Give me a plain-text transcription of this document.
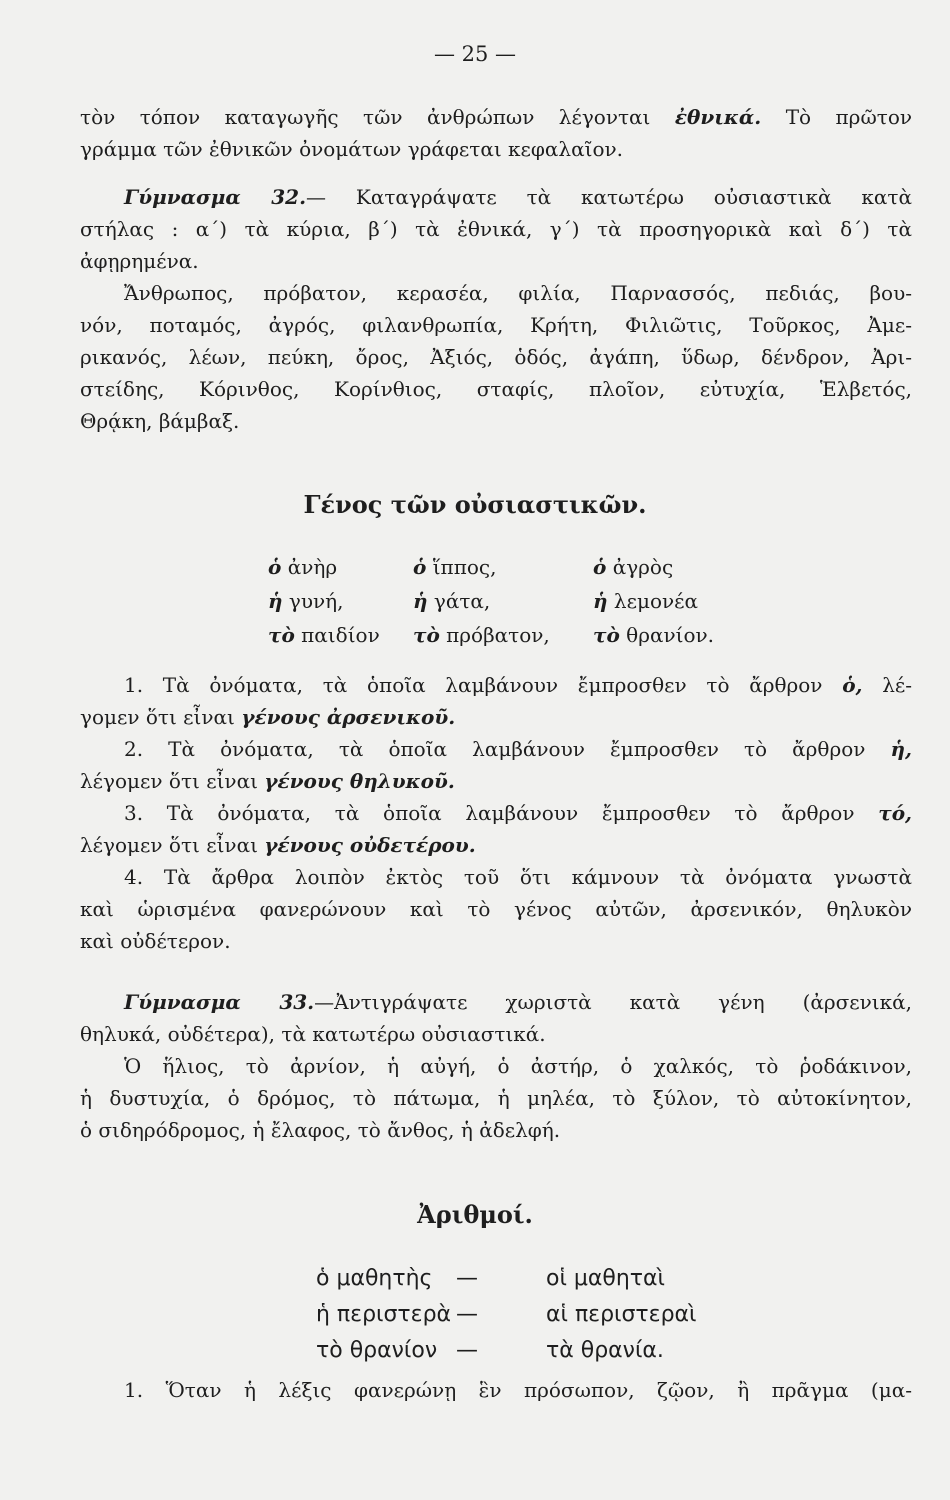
— 25 —
τὸν τόπον καταγωγῆς τῶν ἀνθρώπων λέγονται ἐθνικά. Τὸ πρῶτον
γράμμα τῶν ἐθνικῶν ὀνομάτων γράφεται κεφαλαῖον.
Γύμνασμα 32.— Καταγράψατε τὰ κατωτέρω οὐσιαστικὰ κατὰ
στήλας : α΄) τὰ κύρια, β΄) τὰ ἐθνικά, γ΄) τὰ προσηγορικὰ καὶ δ΄) τὰ
ἀφῃρημένα.
Ἄνθρωπος, πρόβατον, κερασέα, φιλία, Παρνασσός, πεδιάς, βου-
νόν, ποταμός, ἀγρός, φιλανθρωπία, Κρήτη, Φιλιῶτις, Τοῦρκος, Ἀμε-
ρικανός, λέων, πεύκη, ὄρος, Ἀξιός, ὁδός, ἀγάπη, ὕδωρ, δένδρον, Ἀρι-
στείδης, Κόρινθος, Κορίνθιος, σταφίς, πλοῖον, εὐτυχία, Ἑλβετός,
Θρᾴκη, βάμβαξ.
Γένος τῶν οὐσιαστικῶν.
ὁ ἀνὴρ	ὁ ἵππος,	ὁ ἀγρὸς
ἡ γυνή,	ἡ γάτα,	ἡ λεμονέα
τὸ παιδίον	τὸ πρόβατον,	τὸ θρανίον.
1. Τὰ ὀνόματα, τὰ ὁποῖα λαμβάνουν ἔμπροσθεν τὸ ἄρθρον ὁ, λέ-
γομεν ὅτι εἶναι γένους ἀρσενικοῦ.
2. Τὰ ὀνόματα, τὰ ὁποῖα λαμβάνουν ἔμπροσθεν τὸ ἄρθρον ἡ,
λέγομεν ὅτι εἶναι γένους θηλυκοῦ.
3. Τὰ ὀνόματα, τὰ ὁποῖα λαμβάνουν ἔμπροσθεν τὸ ἄρθρον τό,
λέγομεν ὅτι εἶναι γένους οὐδετέρου.
4. Τὰ ἄρθρα λοιπὸν ἐκτὸς τοῦ ὅτι κάμνουν τὰ ὀνόματα γνωστὰ
καὶ ὡρισμένα φανερώνουν καὶ τὸ γένος αὐτῶν, ἀρσενικόν, θηλυκὸν
καὶ οὐδέτερον.
Γύμνασμα 33.—Ἀντιγράψατε χωριστὰ κατὰ γένη (ἀρσενικά,
θηλυκά, οὐδέτερα), τὰ κατωτέρω οὐσιαστικά.
Ὁ ἥλιος, τὸ ἀρνίον, ἡ αὐγή, ὁ ἀστήρ, ὁ χαλκός, τὸ ῥοδάκινον,
ἡ δυστυχία, ὁ δρόμος, τὸ πάτωμα, ἡ μηλέα, τὸ ξύλον, τὸ αὐτοκίνητον,
ὁ σιδηρόδρομος, ἡ ἔλαφος, τὸ ἄνθος, ἡ ἀδελφή.
Ἀριθμοί.
ὁ μαθητὴς	—	οἱ μαθηταὶ
ἡ περιστερὰ	—	αἱ περιστεραὶ
τὸ θρανίον	—	τὰ θρανία.
1. Ὅταν ἡ λέξις φανερώνῃ ἓν πρόσωπον, ζῷον, ἢ πρᾶγμα (μα-
